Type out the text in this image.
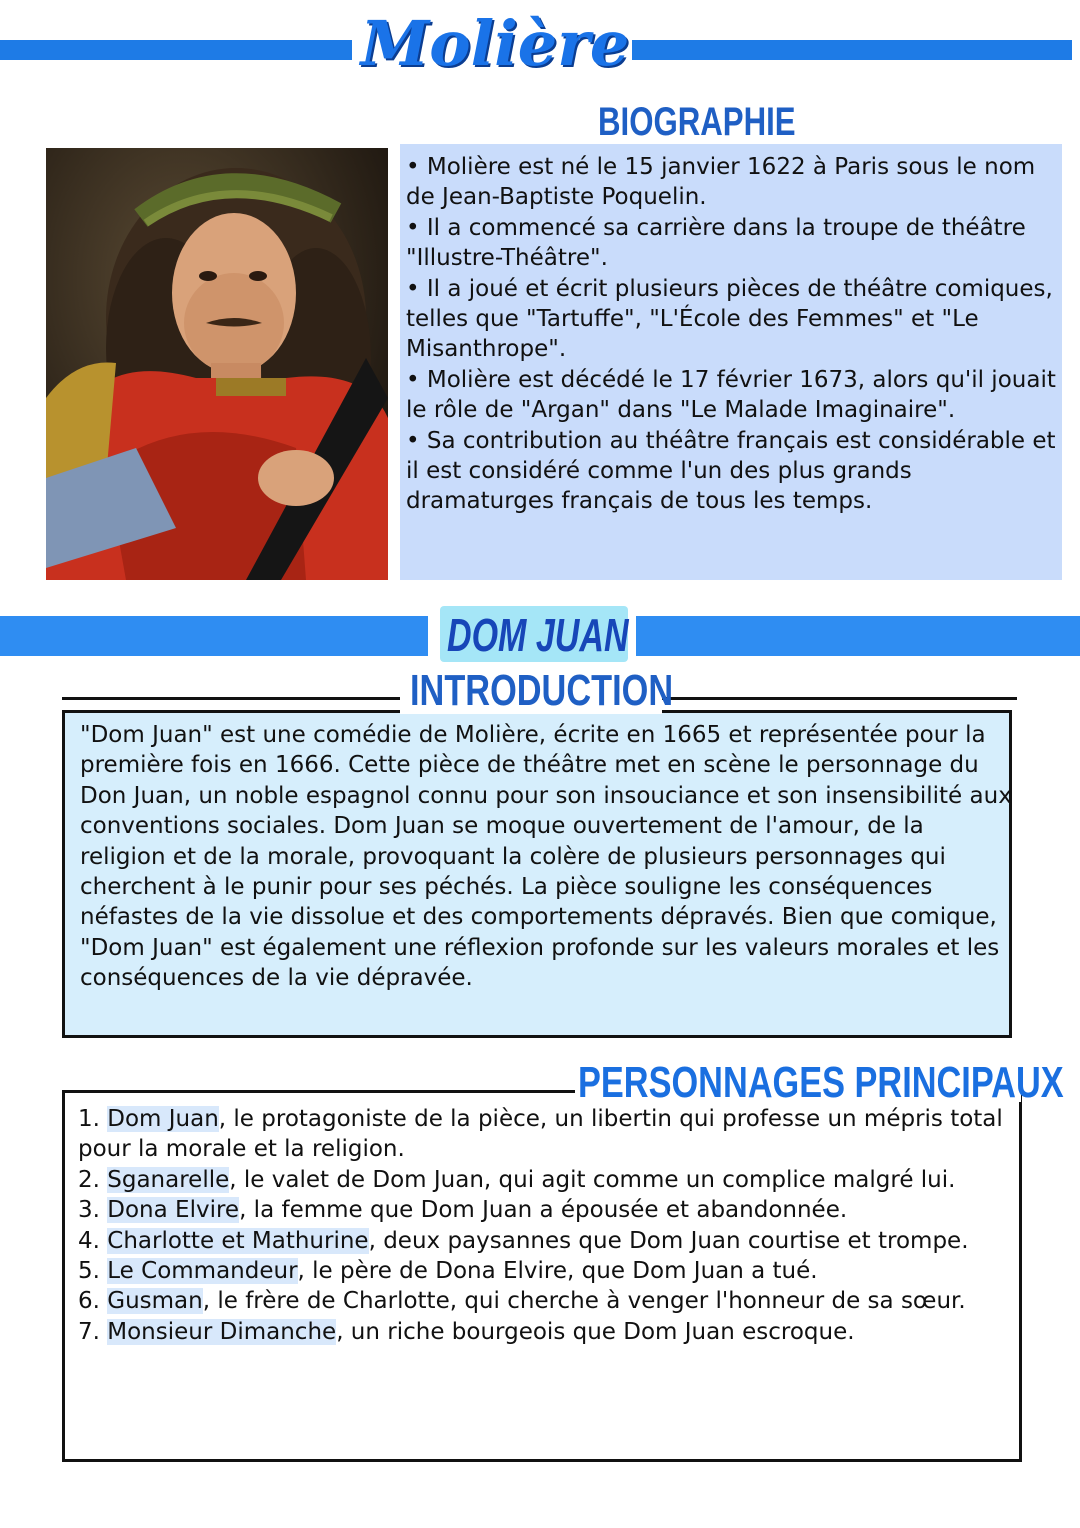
Molière
BIOGRAPHIE

• Molière est né le 15 janvier 1622 à Paris sous le nom de Jean-Baptiste Poquelin.

• Il a commencé sa carrière dans la troupe de théâtre "Illustre-Théâtre".

• Il a joué et écrit plusieurs pièces de théâtre comiques, telles que "Tartuffe", "L'École des Femmes" et "Le Misanthrope".

• Molière est décédé le 17 février 1673, alors qu'il jouait le rôle de "Argan" dans "Le Malade Imaginaire".

• Sa contribution au théâtre français est considérable et il est considéré comme l'un des plus grands dramaturges français de tous les temps.

DOM JUAN
INTRODUCTION
"Dom Juan" est une comédie de Molière, écrite en 1665 et représentée pour la première fois en 1666. Cette pièce de théâtre met en scène le personnage du Don Juan, un noble espagnol connu pour son insouciance et son insensibilité aux conventions sociales. Dom Juan se moque ouvertement de l'amour, de la religion et de la morale, provoquant la colère de plusieurs personnages qui cherchent à le punir pour ses péchés. La pièce souligne les conséquences néfastes de la vie dissolue et des comportements dépravés. Bien que comique, "Dom Juan" est également une réflexion profonde sur les valeurs morales et les conséquences de la vie dépravée.
PERSONNAGES PRINCIPAUX

1. Dom Juan, le protagoniste de la pièce, un libertin qui professe un mépris total pour la morale et la religion.

2. Sganarelle, le valet de Dom Juan, qui agit comme un complice malgré lui.

3. Dona Elvire, la femme que Dom Juan a épousée et abandonnée.

4. Charlotte et Mathurine, deux paysannes que Dom Juan courtise et trompe.

5. Le Commandeur, le père de Dona Elvire, que Dom Juan a tué.

6. Gusman, le frère de Charlotte, qui cherche à venger l'honneur de sa sœur.

7. Monsieur Dimanche, un riche bourgeois que Dom Juan escroque.
